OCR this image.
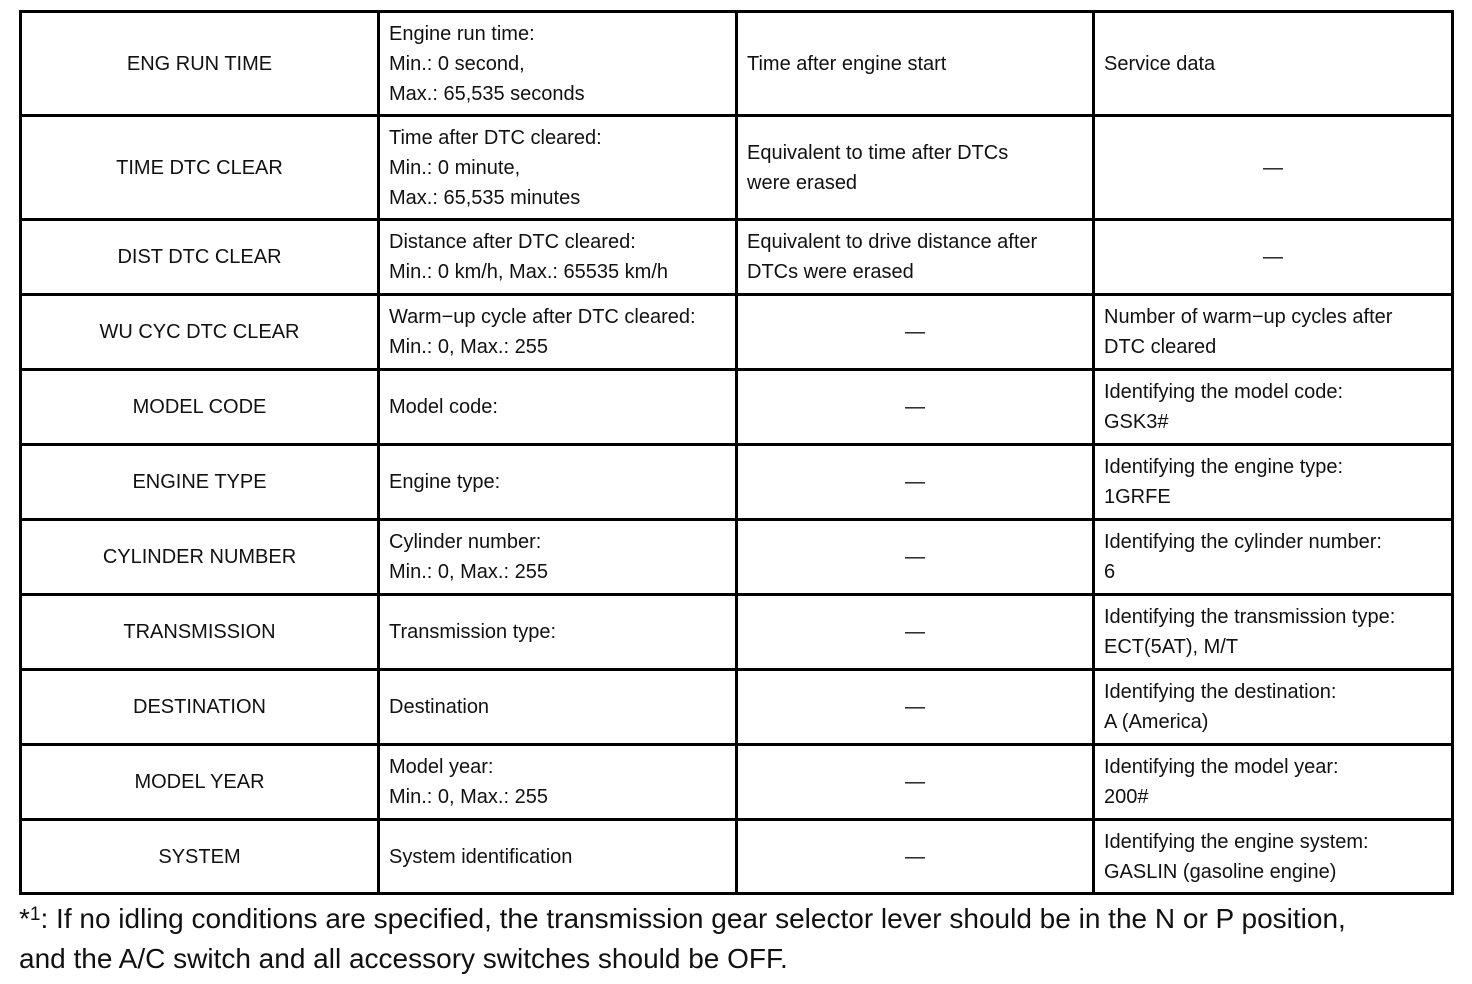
ENG RUN TIME	Engine run time:
Min.: 0 second,
Max.: 65,535 seconds	Time after engine start	Service data

TIME DTC CLEAR	Time after DTC cleared:
Min.: 0 minute,
Max.: 65,535 minutes	Equivalent to time after DTCs
were erased	—

DIST DTC CLEAR	Distance after DTC cleared:
Min.: 0 km/h, Max.: 65535 km/h	Equivalent to drive distance after
DTCs were erased	—

WU CYC DTC CLEAR	Warm−up cycle after DTC cleared:
Min.: 0, Max.: 255	—	Number of warm−up cycles after
DTC cleared

MODEL CODE	Model code:	—	Identifying the model code:
GSK3#

ENGINE TYPE	Engine type:	—	Identifying the engine type:
1GRFE

CYLINDER NUMBER	Cylinder number:
Min.: 0, Max.: 255	—	Identifying the cylinder number:
6

TRANSMISSION	Transmission type:	—	Identifying the transmission type:
ECT(5AT), M/T

DESTINATION	Destination	—	Identifying the destination:
A (America)

MODEL YEAR	Model year:
Min.: 0, Max.: 255	—	Identifying the model year:
200#

SYSTEM	System identification	—	Identifying the engine system:
GASLIN (gasoline engine)
*$^1$: If no idling conditions are specified, the transmission gear selector lever should be in the N or P position,
and the A/C switch and all accessory switches should be OFF.
